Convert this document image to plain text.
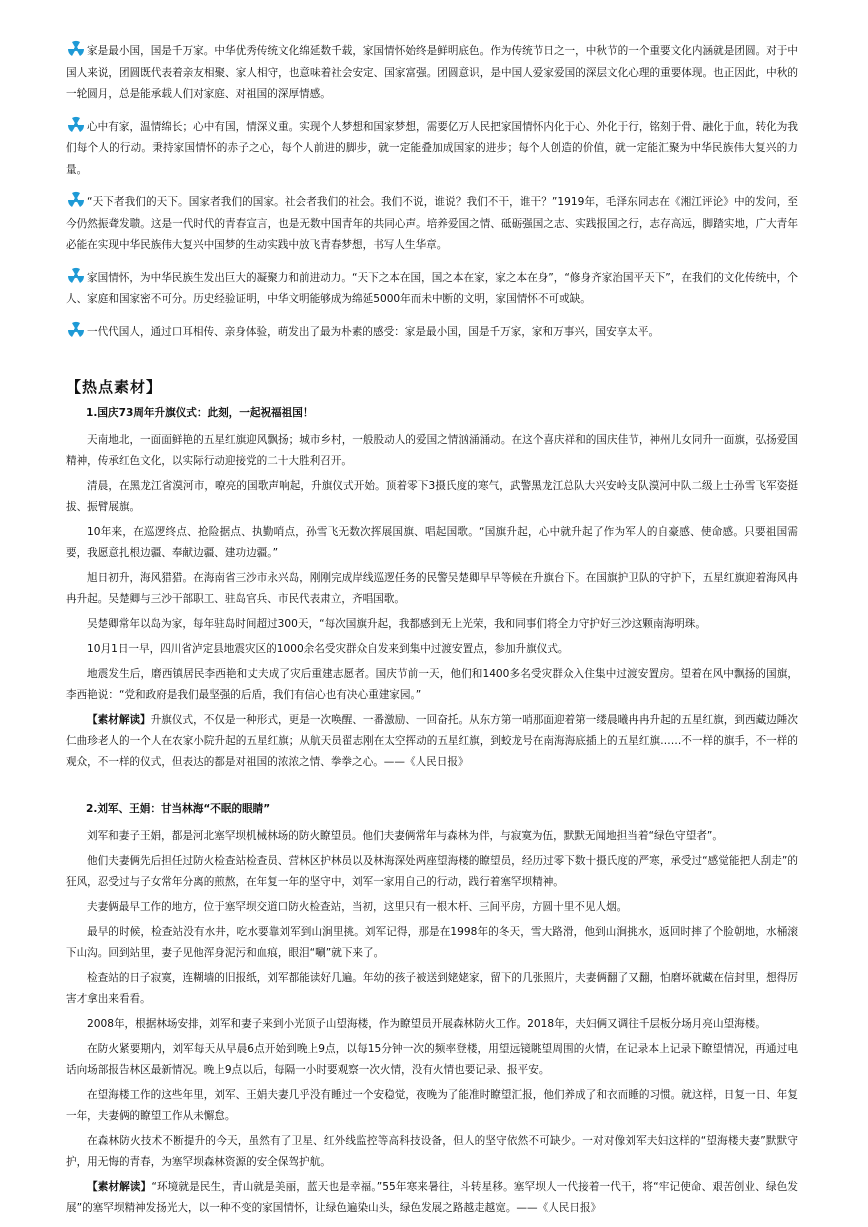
家是最小国，国是千万家。中华优秀传统文化绵延数千载，家国情怀始终是鲜明底色。作为传统节日之一，中秋节的一个重要文化内涵就是团圆。对于中国人来说，团圆既代表着亲友相聚、家人相守，也意味着社会安定、国家富强。团圆意识，是中国人爱家爱国的深层文化心理的重要体现。也正因此，中秋的一轮圆月，总是能承载人们对家庭、对祖国的深厚情感。

心中有家，温情绵长；心中有国，情深义重。实现个人梦想和国家梦想，需要亿万人民把家国情怀内化于心、外化于行，铭刻于骨、融化于血，转化为我们每个人的行动。秉持家国情怀的赤子之心，每个人前进的脚步，就一定能叠加成国家的进步；每个人创造的价值，就一定能汇聚为中华民族伟大复兴的力量。

“天下者我们的天下。国家者我们的国家。社会者我们的社会。我们不说，谁说？我们不干，谁干？”1919年，毛泽东同志在《湘江评论》中的发问，至今仍然振聋发聩。这是一代时代的青春宣言，也是无数中国青年的共同心声。培养爱国之情、砥砺强国之志、实践报国之行，志存高远，脚踏实地，广大青年必能在实现中华民族伟大复兴中国梦的生动实践中放飞青春梦想，书写人生华章。

家国情怀，为中华民族生发出巨大的凝聚力和前进动力。“天下之本在国，国之本在家，家之本在身”，“修身齐家治国平天下”，在我们的文化传统中，个人、家庭和国家密不可分。历史经验证明，中华文明能够成为绵延5000年而未中断的文明，家国情怀不可或缺。

一代代国人，通过口耳相传、亲身体验，萌发出了最为朴素的感受：家是最小国，国是千万家，家和万事兴，国安享太平。

【热点素材】
1.国庆73周年升旗仪式：此刻，一起祝福祖国！

天南地北，一面面鲜艳的五星红旗迎风飘扬；城市乡村，一般股动人的爱国之情汹涌涌动。在这个喜庆祥和的国庆佳节，神州儿女同升一面旗，弘扬爱国精神，传承红色文化，以实际行动迎接党的二十大胜利召开。

清晨，在黑龙江省漠河市，嘹亮的国歌声响起，升旗仪式开始。顶着零下3摄氏度的寒气，武警黑龙江总队大兴安岭支队漠河中队二级上士孙雪飞军姿挺拔、振臂展旗。

10年来，在巡逻终点、抢险据点、执勤哨点，孙雪飞无数次挥展国旗、唱起国歌。“国旗升起，心中就升起了作为军人的自豪感、使命感。只要祖国需要，我愿意扎根边疆、奉献边疆、建功边疆。”

旭日初升，海风猎猎。在海南省三沙市永兴岛，刚刚完成岸线巡逻任务的民警吴楚卿早早等候在升旗台下。在国旗护卫队的守护下，五星红旗迎着海风冉冉升起。吴楚卿与三沙干部职工、驻岛官兵、市民代表肃立，齐唱国歌。

吴楚卿常年以岛为家，每年驻岛时间超过300天，“每次国旗升起，我都感到无上光荣，我和同事们将全力守护好三沙这颗南海明珠。

10月1日一早，四川省泸定县地震灾区的1000余名受灾群众自发来到集中过渡安置点，参加升旗仪式。

地震发生后，磨西镇居民李西艳和丈夫成了灾后重建志愿者。国庆节前一天，他们和1400多名受灾群众入住集中过渡安置房。望着在风中飘扬的国旗，李西艳说：“党和政府是我们最坚强的后盾，我们有信心也有决心重建家园。”

【素材解读】升旗仪式，不仅是一种形式，更是一次唤醒、一番激励、一回奋托。从东方第一哨那面迎着第一缕晨曦冉冉升起的五星红旗，到西藏边陲次仁曲珍老人的一个人在农家小院升起的五星红旗；从航天员翟志刚在太空挥动的五星红旗，到蛟龙号在南海海底插上的五星红旗……不一样的旗手，不一样的观众，不一样的仪式，但表达的都是对祖国的浓浓之情、拳拳之心。——《人民日报》

2.刘军、王娟：甘当林海“不眠的眼睛”

刘军和妻子王娟，都是河北塞罕坝机械林场的防火瞭望员。他们夫妻俩常年与森林为伴，与寂寞为伍，默默无闻地担当着“绿色守望者”。

他们夫妻俩先后担任过防火检查站检查员、营林区护林员以及林海深处两座望海楼的瞭望员，经历过零下数十摄氏度的严寒，承受过“感觉能把人刮走”的狂风，忍受过与子女常年分离的煎熬，在年复一年的坚守中，刘军一家用自己的行动，践行着塞罕坝精神。

夫妻俩最早工作的地方，位于塞罕坝交道口防火检查站，当初，这里只有一根木杆、三间平房，方圆十里不见人烟。

最早的时候，检查站没有水井，吃水要靠刘军到山涧里挑。刘军记得，那是在1998年的冬天，雪大路滑，他到山涧挑水，返回时摔了个脸朝地，水桶滚下山沟。回到站里，妻子见他浑身泥污和血痕，眼泪“唰”就下来了。

检查站的日子寂寞，连糊墙的旧报纸，刘军都能读好几遍。年幼的孩子被送到姥姥家，留下的几张照片，夫妻俩翻了又翻，怕磨坏就藏在信封里，想得厉害才拿出来看看。

2008年，根据林场安排，刘军和妻子来到小光顶子山望海楼，作为瞭望员开展森林防火工作。2018年，夫妇俩又调往千层板分场月亮山望海楼。

在防火紧要期内，刘军每天从早晨6点开始到晚上9点，以每15分钟一次的频率登楼，用望远镜眺望周围的火情，在记录本上记录下瞭望情况，再通过电话向场部报告林区最新情况。晚上9点以后，每隔一小时要观察一次火情，没有火情也要记录、报平安。

在望海楼工作的这些年里，刘军、王娟夫妻几乎没有睡过一个安稳觉，夜晚为了能准时瞭望汇报，他们养成了和衣而睡的习惯。就这样，日复一日、年复一年，夫妻俩的瞭望工作从未懈怠。

在森林防火技术不断提升的今天，虽然有了卫星、红外线监控等高科技设备，但人的坚守依然不可缺少。一对对像刘军夫妇这样的“望海楼夫妻”默默守护，用无悔的青春，为塞罕坝森林资源的安全保驾护航。

【素材解读】“环境就是民生，青山就是美丽，蓝天也是幸福。”55年寒来暑往，斗转星移。塞罕坝人一代接着一代干，将“牢记使命、艰苦创业、绿色发展”的塞罕坝精神发扬光大，以一种不变的家国情怀，让绿色遍染山头，绿色发展之路越走越宽。——《人民日报》
